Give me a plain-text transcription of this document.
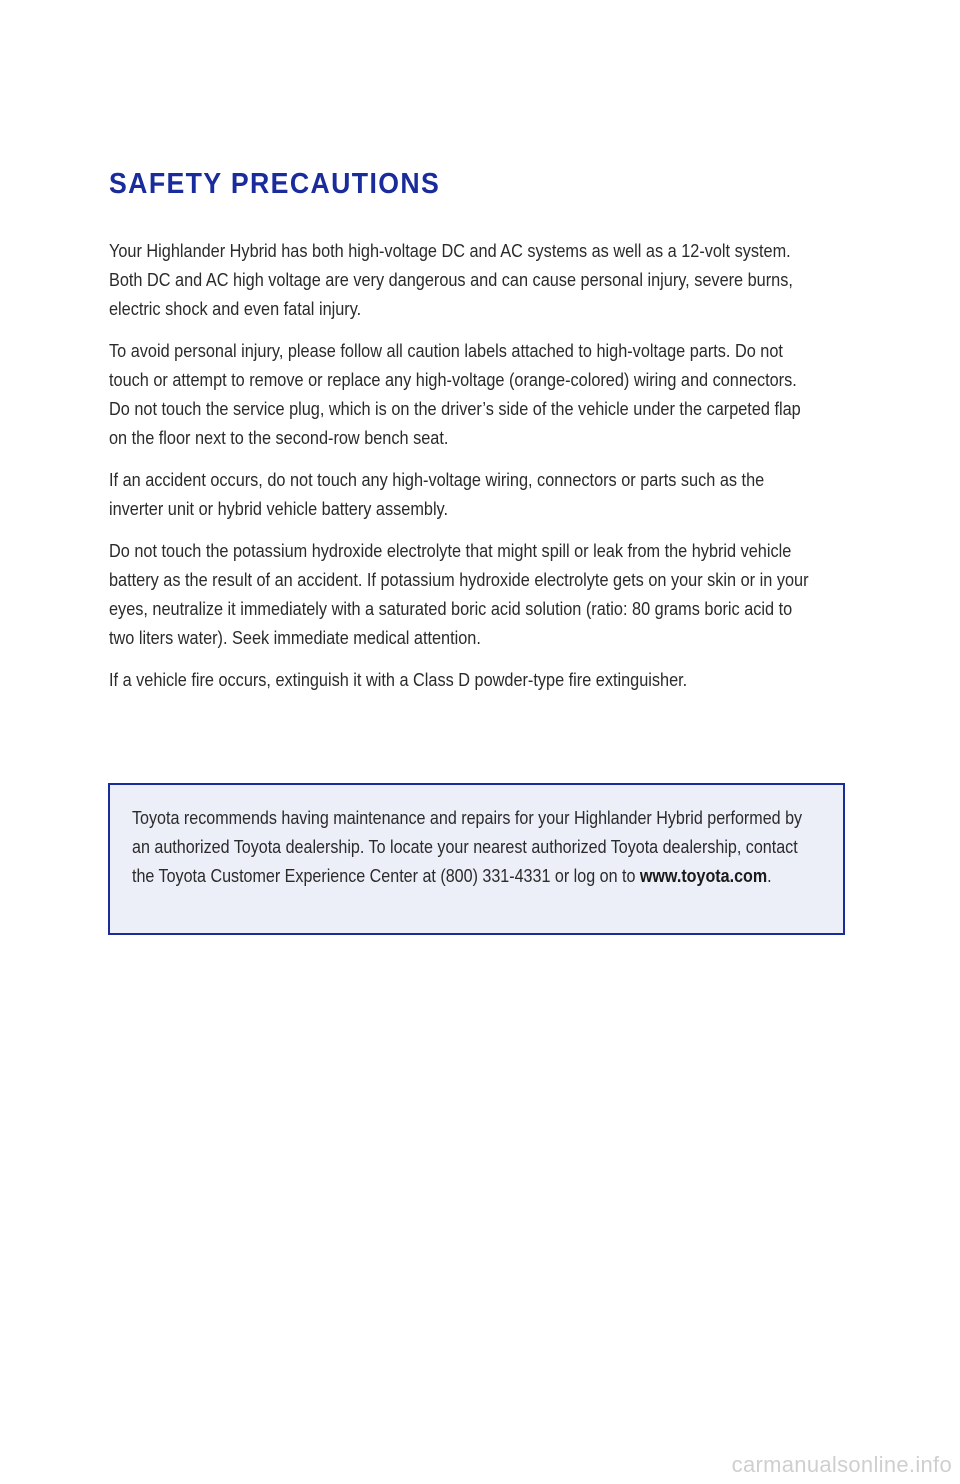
SAFETY PRECAUTIONS

Your Highlander Hybrid has both high-voltage DC and AC systems as well as a 12-volt system. Both DC and AC high voltage are very dangerous and can cause personal injury, severe burns, electric shock and even fatal injury.

To avoid personal injury, please follow all caution labels attached to high-voltage parts. Do not touch or attempt to remove or replace any high-voltage (orange-colored) wiring and connectors. Do not touch the service plug, which is on the driver’s side of the vehicle under the carpeted flap on the floor next to the second-row bench seat.

If an accident occurs, do not touch any high-voltage wiring, connectors or parts such as the inverter unit or hybrid vehicle battery assembly.

Do not touch the potassium hydroxide electrolyte that might spill or leak from the hybrid vehicle battery as the result of an accident. If potassium hydroxide electrolyte gets on your skin or in your eyes, neutralize it immediately with a saturated boric acid solution (ratio: 80 grams boric acid to two liters water). Seek immediate medical attention.

If a vehicle fire occurs, extinguish it with a Class D powder-type fire extinguisher.

Toyota recommends having maintenance and repairs for your Highlander Hybrid performed by an authorized Toyota dealership. To locate your nearest authorized Toyota dealership, contact the Toyota Customer Experience Center at (800) 331-4331 or log on to www.toyota.com.
carmanualsonline.info
